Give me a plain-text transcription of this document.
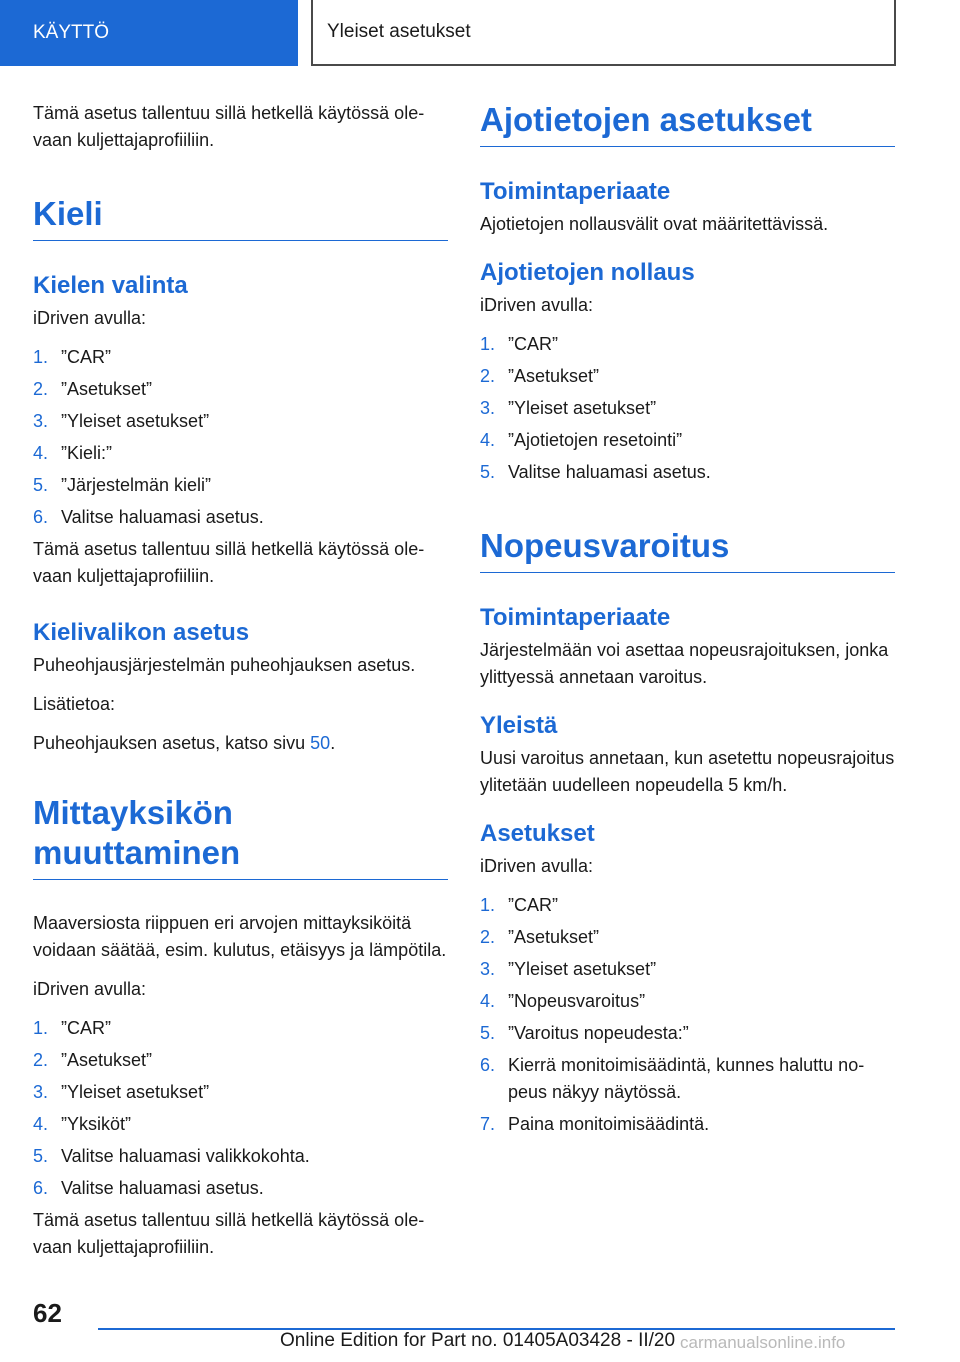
KÄYTTÖ	Yleiset asetukset

Tämä asetus tallentuu sillä hetkellä käytössä olevaan kuljettajaprofiiliin.

Kieli
Kielen valinta

iDriven avulla:

1. ”CAR”
2. ”Asetukset”
3. ”Yleiset asetukset”
4. ”Kieli:”
5. ”Järjestelmän kieli”
6. Valitse haluamasi asetus.

Tämä asetus tallentuu sillä hetkellä käytössä olevaan kuljettajaprofiiliin.

Kielivalikon asetus

Puheohjausjärjestelmän puheohjauksen asetus.

Lisätietoa:

Puheohjauksen asetus, katso sivu 50.

Mittayksikön muuttaminen

Maaversiosta riippuen eri arvojen mittayksiköitä voidaan säätää, esim. kulutus, etäisyys ja lämpötila.

iDriven avulla:

1. ”CAR”
2. ”Asetukset”
3. ”Yleiset asetukset”
4. ”Yksiköt”
5. Valitse haluamasi valikkokohta.
6. Valitse haluamasi asetus.

Tämä asetus tallentuu sillä hetkellä käytössä olevaan kuljettajaprofiiliin.

Ajotietojen asetukset
Toimintaperiaate

Ajotietojen nollausvälit ovat määritettävissä.

Ajotietojen nollaus

iDriven avulla:

1. ”CAR”
2. ”Asetukset”
3. ”Yleiset asetukset”
4. ”Ajotietojen resetointi”
5. Valitse haluamasi asetus.
Nopeusvaroitus
Toimintaperiaate

Järjestelmään voi asettaa nopeusrajoituksen, jonka ylittyessä annetaan varoitus.

Yleistä

Uusi varoitus annetaan, kun asetettu nopeusrajoitus ylitetään uudelleen nopeudella 5 km/h.

Asetukset

iDriven avulla:

1. ”CAR”
2. ”Asetukset”
3. ”Yleiset asetukset”
4. ”Nopeusvaroitus”
5. ”Varoitus nopeudesta:”
6. Kierrä monitoimisäädintä, kunnes haluttu nopeus näkyy näytössä.
7. Paina monitoimisäädintä.
62
Online Edition for Part no. 01405A03428 - II/20 carmanualsonline.info
